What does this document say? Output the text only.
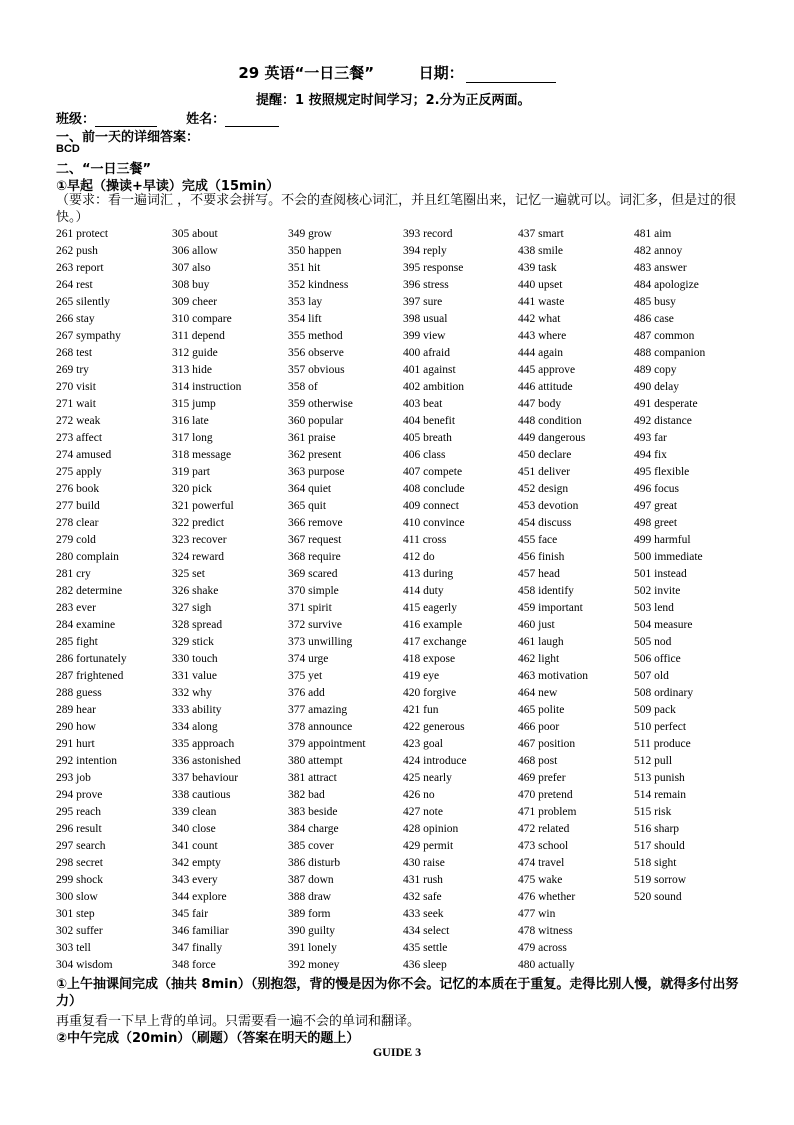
29 英语“一日三餐”	日期：
提醒：1 按照规定时间学习；2.分为正反两面。
班级：	姓名：
一、前一天的详细答案：
BCD
二、“一日三餐”
①早起（操读+早读）完成（15min）
（要求：看一遍词汇 ，不要求会拼写。不会的查阅核心词汇，并且红笔圈出来，记忆一遍就可以。词汇多，但是过的很快。）
261 protect
262 push
263 report
264 rest
265 silently
266 stay
267 sympathy
268 test
269 try
270 visit
271 wait
272 weak
273 affect
274 amused
275 apply
276 book
277 build
278 clear
279 cold
280 complain
281 cry
282 determine
283 ever
284 examine
285 fight
286 fortunately
287 frightened
288 guess
289 hear
290 how
291 hurt
292 intention
293 job
294 prove
295 reach
296 result
297 search
298 secret
299 shock
300 slow
301 step
302 suffer
303 tell
304 wisdom
305 about
306 allow
307 also
308 buy
309 cheer
310 compare
311 depend
312 guide
313 hide
314 instruction
315 jump
316 late
317 long
318 message
319 part
320 pick
321 powerful
322 predict
323 recover
324 reward
325 set
326 shake
327 sigh
328 spread
329 stick
330 touch
331 value
332 why
333 ability
334 along
335 approach
336 astonished
337 behaviour
338 cautious
339 clean
340 close
341 count
342 empty
343 every
344 explore
345 fair
346 familiar
347 finally
348 force
349 grow
350 happen
351 hit
352 kindness
353 lay
354 lift
355 method
356 observe
357 obvious
358 of
359 otherwise
360 popular
361 praise
362 present
363 purpose
364 quiet
365 quit
366 remove
367 request
368 require
369 scared
370 simple
371 spirit
372 survive
373 unwilling
374 urge
375 yet
376 add
377 amazing
378 announce
379 appointment
380 attempt
381 attract
382 bad
383 beside
384 charge
385 cover
386 disturb
387 down
388 draw
389 form
390 guilty
391 lonely
392 money
393 record
394 reply
395 response
396 stress
397 sure
398 usual
399 view
400 afraid
401 against
402 ambition
403 beat
404 benefit
405 breath
406 class
407 compete
408 conclude
409 connect
410 convince
411 cross
412 do
413 during
414 duty
415 eagerly
416 example
417 exchange
418 expose
419 eye
420 forgive
421 fun
422 generous
423 goal
424 introduce
425 nearly
426 no
427 note
428 opinion
429 permit
430 raise
431 rush
432 safe
433 seek
434 select
435 settle
436 sleep
437 smart
438 smile
439 task
440 upset
441 waste
442 what
443 where
444 again
445 approve
446 attitude
447 body
448 condition
449 dangerous
450 declare
451 deliver
452 design
453 devotion
454 discuss
455 face
456 finish
457 head
458 identify
459 important
460 just
461 laugh
462 light
463 motivation
464 new
465 polite
466 poor
467 position
468 post
469 prefer
470 pretend
471 problem
472 related
473 school
474 travel
475 wake
476 whether
477 win
478 witness
479 across
480 actually
481 aim
482 annoy
483 answer
484 apologize
485 busy
486 case
487 common
488 companion
489 copy
490 delay
491 desperate
492 distance
493 far
494 fix
495 flexible
496 focus
497 great
498 greet
499 harmful
500 immediate
501 instead
502 invite
503 lend
504 measure
505 nod
506 office
507 old
508 ordinary
509 pack
510 perfect
511 produce
512 pull
513 punish
514 remain
515 risk
516 sharp
517 should
518 sight
519 sorrow
520 sound
①上午抽课间完成（抽共 8min）（别抱怨，背的慢是因为你不会。记忆的本质在于重复。走得比别人慢，就得多付出努力）
再重复看一下早上背的单词。只需要看一遍不会的单词和翻译。
②中午完成（20min）（刷题）（答案在明天的题上）
GUIDE 3
